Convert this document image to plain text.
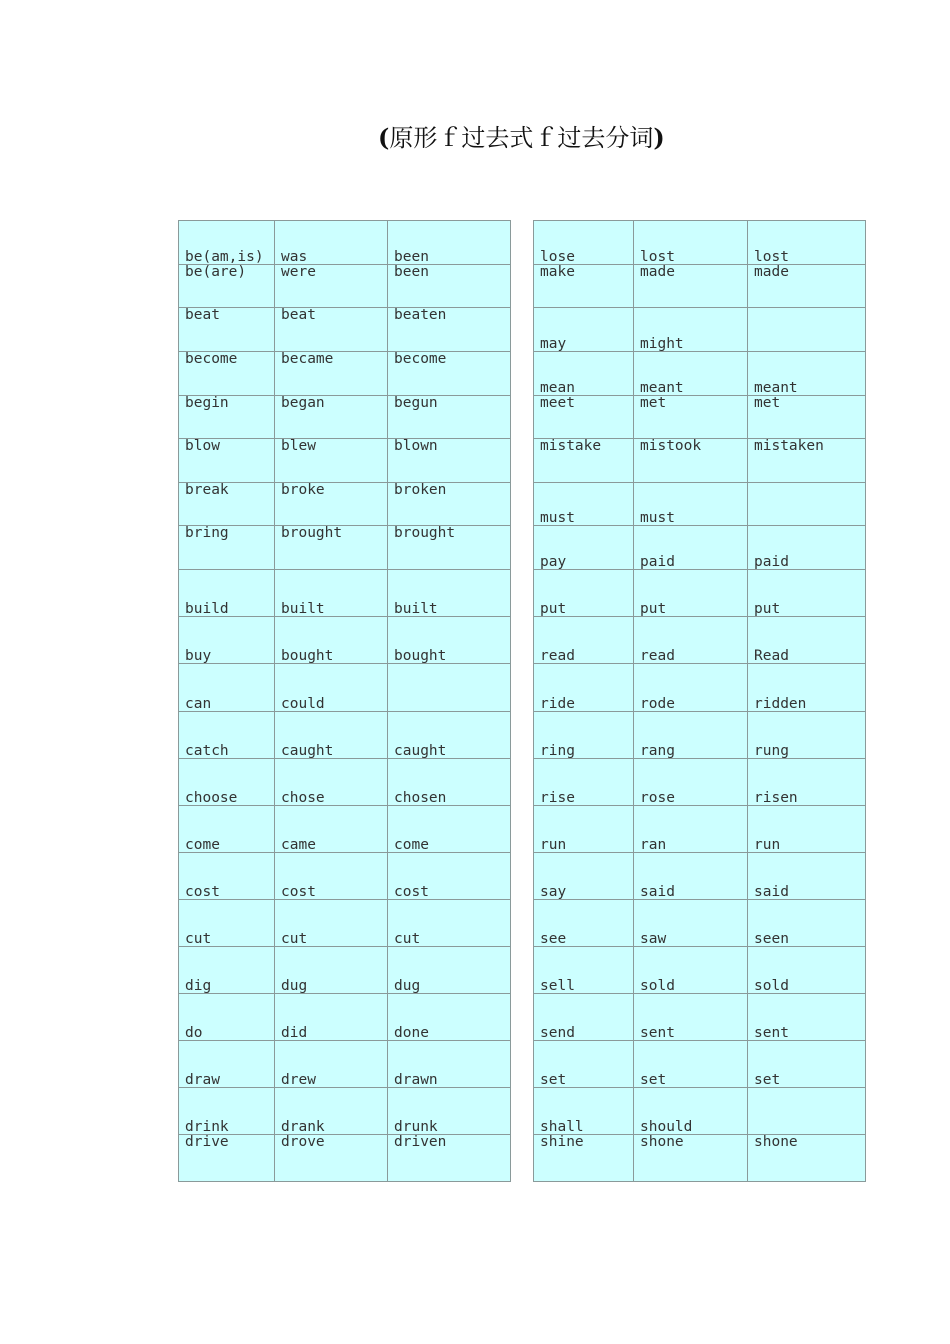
(原形ｆ过去式ｆ过去分词)
be(am,is)	was	been
be(are)	were	been
beat	beat	beaten
become	became	become
begin	began	begun
blow	blew	blown
break	broke	broken
bring	brought	brought
build	built	built
buy	bought	bought
can	could	
catch	caught	caught
choose	chose	chosen
come	came	come
cost	cost	cost
cut	cut	cut
dig	dug	dug
do	did	done
draw	drew	drawn
drink	drank	drunk
drive	drove	driven
lose	lost	lost
make	made	made
may	might	
mean	meant	meant
meet	met	met
mistake	mistook	mistaken
must	must	
pay	paid	paid
put	put	put
read	read	Read
ride	rode	ridden
ring	rang	rung
rise	rose	risen
run	ran	run
say	said	said
see	saw	seen
sell	sold	sold
send	sent	sent
set	set	set
shall	should	
shine	shone	shone
